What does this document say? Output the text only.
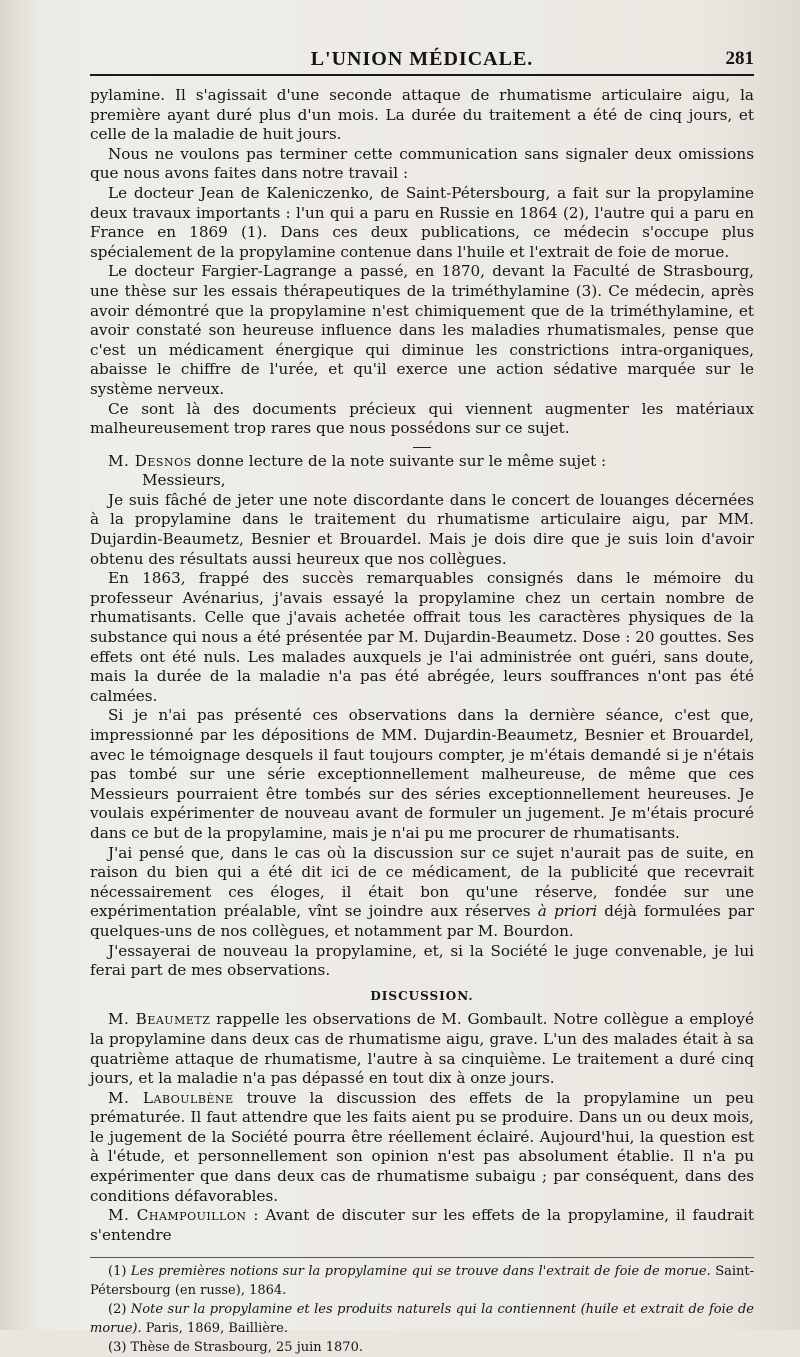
L'UNION MÉDICALE.	281

pylamine. Il s'agissait d'une seconde attaque de rhumatisme articulaire aigu, la première ayant duré plus d'un mois. La durée du traitement a été de cinq jours, et celle de la maladie de huit jours.

Nous ne voulons pas terminer cette communication sans signaler deux omissions que nous avons faites dans notre travail :

Le docteur Jean de Kaleniczenko, de Saint-Pétersbourg, a fait sur la propylamine deux travaux importants : l'un qui a paru en Russie en 1864 (2), l'autre qui a paru en France en 1869 (1). Dans ces deux publications, ce médecin s'occupe plus spécialement de la propylamine contenue dans l'huile et l'extrait de foie de morue.

Le docteur Fargier-Lagrange a passé, en 1870, devant la Faculté de Strasbourg, une thèse sur les essais thérapeutiques de la triméthylamine (3). Ce médecin, après avoir démontré que la propylamine n'est chimiquement que de la triméthylamine, et avoir constaté son heureuse influence dans les maladies rhumatismales, pense que c'est un médicament énergique qui diminue les constrictions intra-organiques, abaisse le chiffre de l'urée, et qu'il exerce une action sédative marquée sur le système nerveux.

Ce sont là des documents précieux qui viennent augmenter les matériaux malheureusement trop rares que nous possédons sur ce sujet.

M. Desnos donne lecture de la note suivante sur le même sujet :

Messieurs,

Je suis fâché de jeter une note discordante dans le concert de louanges décernées à la propylamine dans le traitement du rhumatisme articulaire aigu, par MM. Dujardin-Beaumetz, Besnier et Brouardel. Mais je dois dire que je suis loin d'avoir obtenu des résultats aussi heureux que nos collègues.

En 1863, frappé des succès remarquables consignés dans le mémoire du professeur Avénarius, j'avais essayé la propylamine chez un certain nombre de rhumatisants. Celle que j'avais achetée offrait tous les caractères physiques de la substance qui nous a été présentée par M. Dujardin-Beaumetz. Dose : 20 gouttes. Ses effets ont été nuls. Les malades auxquels je l'ai administrée ont guéri, sans doute, mais la durée de la maladie n'a pas été abrégée, leurs souffrances n'ont pas été calmées.

Si je n'ai pas présenté ces observations dans la dernière séance, c'est que, impressionné par les dépositions de MM. Dujardin-Beaumetz, Besnier et Brouardel, avec le témoignage desquels il faut toujours compter, je m'étais demandé si je n'étais pas tombé sur une série exceptionnellement malheureuse, de même que ces Messieurs pourraient être tombés sur des séries exceptionnellement heureuses. Je voulais expérimenter de nouveau avant de formuler un jugement. Je m'étais procuré dans ce but de la propylamine, mais je n'ai pu me procurer de rhumatisants.

J'ai pensé que, dans le cas où la discussion sur ce sujet n'aurait pas de suite, en raison du bien qui a été dit ici de ce médicament, de la publicité que recevrait nécessairement ces éloges, il était bon qu'une réserve, fondée sur une expérimentation préalable, vînt se joindre aux réserves à priori déjà formulées par quelques-uns de nos collègues, et notamment par M. Bourdon.

J'essayerai de nouveau la propylamine, et, si la Société le juge convenable, je lui ferai part de mes observations.

DISCUSSION.

M. Beaumetz rappelle les observations de M. Gombault. Notre collègue a employé la propylamine dans deux cas de rhumatisme aigu, grave. L'un des malades était à sa quatrième attaque de rhumatisme, l'autre à sa cinquième. Le traitement a duré cinq jours, et la maladie n'a pas dépassé en tout dix à onze jours.

M. Laboulbène trouve la discussion des effets de la propylamine un peu prématurée. Il faut attendre que les faits aient pu se produire. Dans un ou deux mois, le jugement de la Société pourra être réellement éclairé. Aujourd'hui, la question est à l'étude, et personnellement son opinion n'est pas absolument établie. Il n'a pu expérimenter que dans deux cas de rhumatisme subaigu ; par conséquent, dans des conditions défavorables.

M. Champouillon : Avant de discuter sur les effets de la propylamine, il faudrait s'entendre

(1) Les premières notions sur la propylamine qui se trouve dans l'extrait de foie de morue. Saint-Pétersbourg (en russe), 1864.

(2) Note sur la propylamine et les produits naturels qui la contiennent (huile et extrait de foie de morue). Paris, 1869, Baillière.

(3) Thèse de Strasbourg, 25 juin 1870.
